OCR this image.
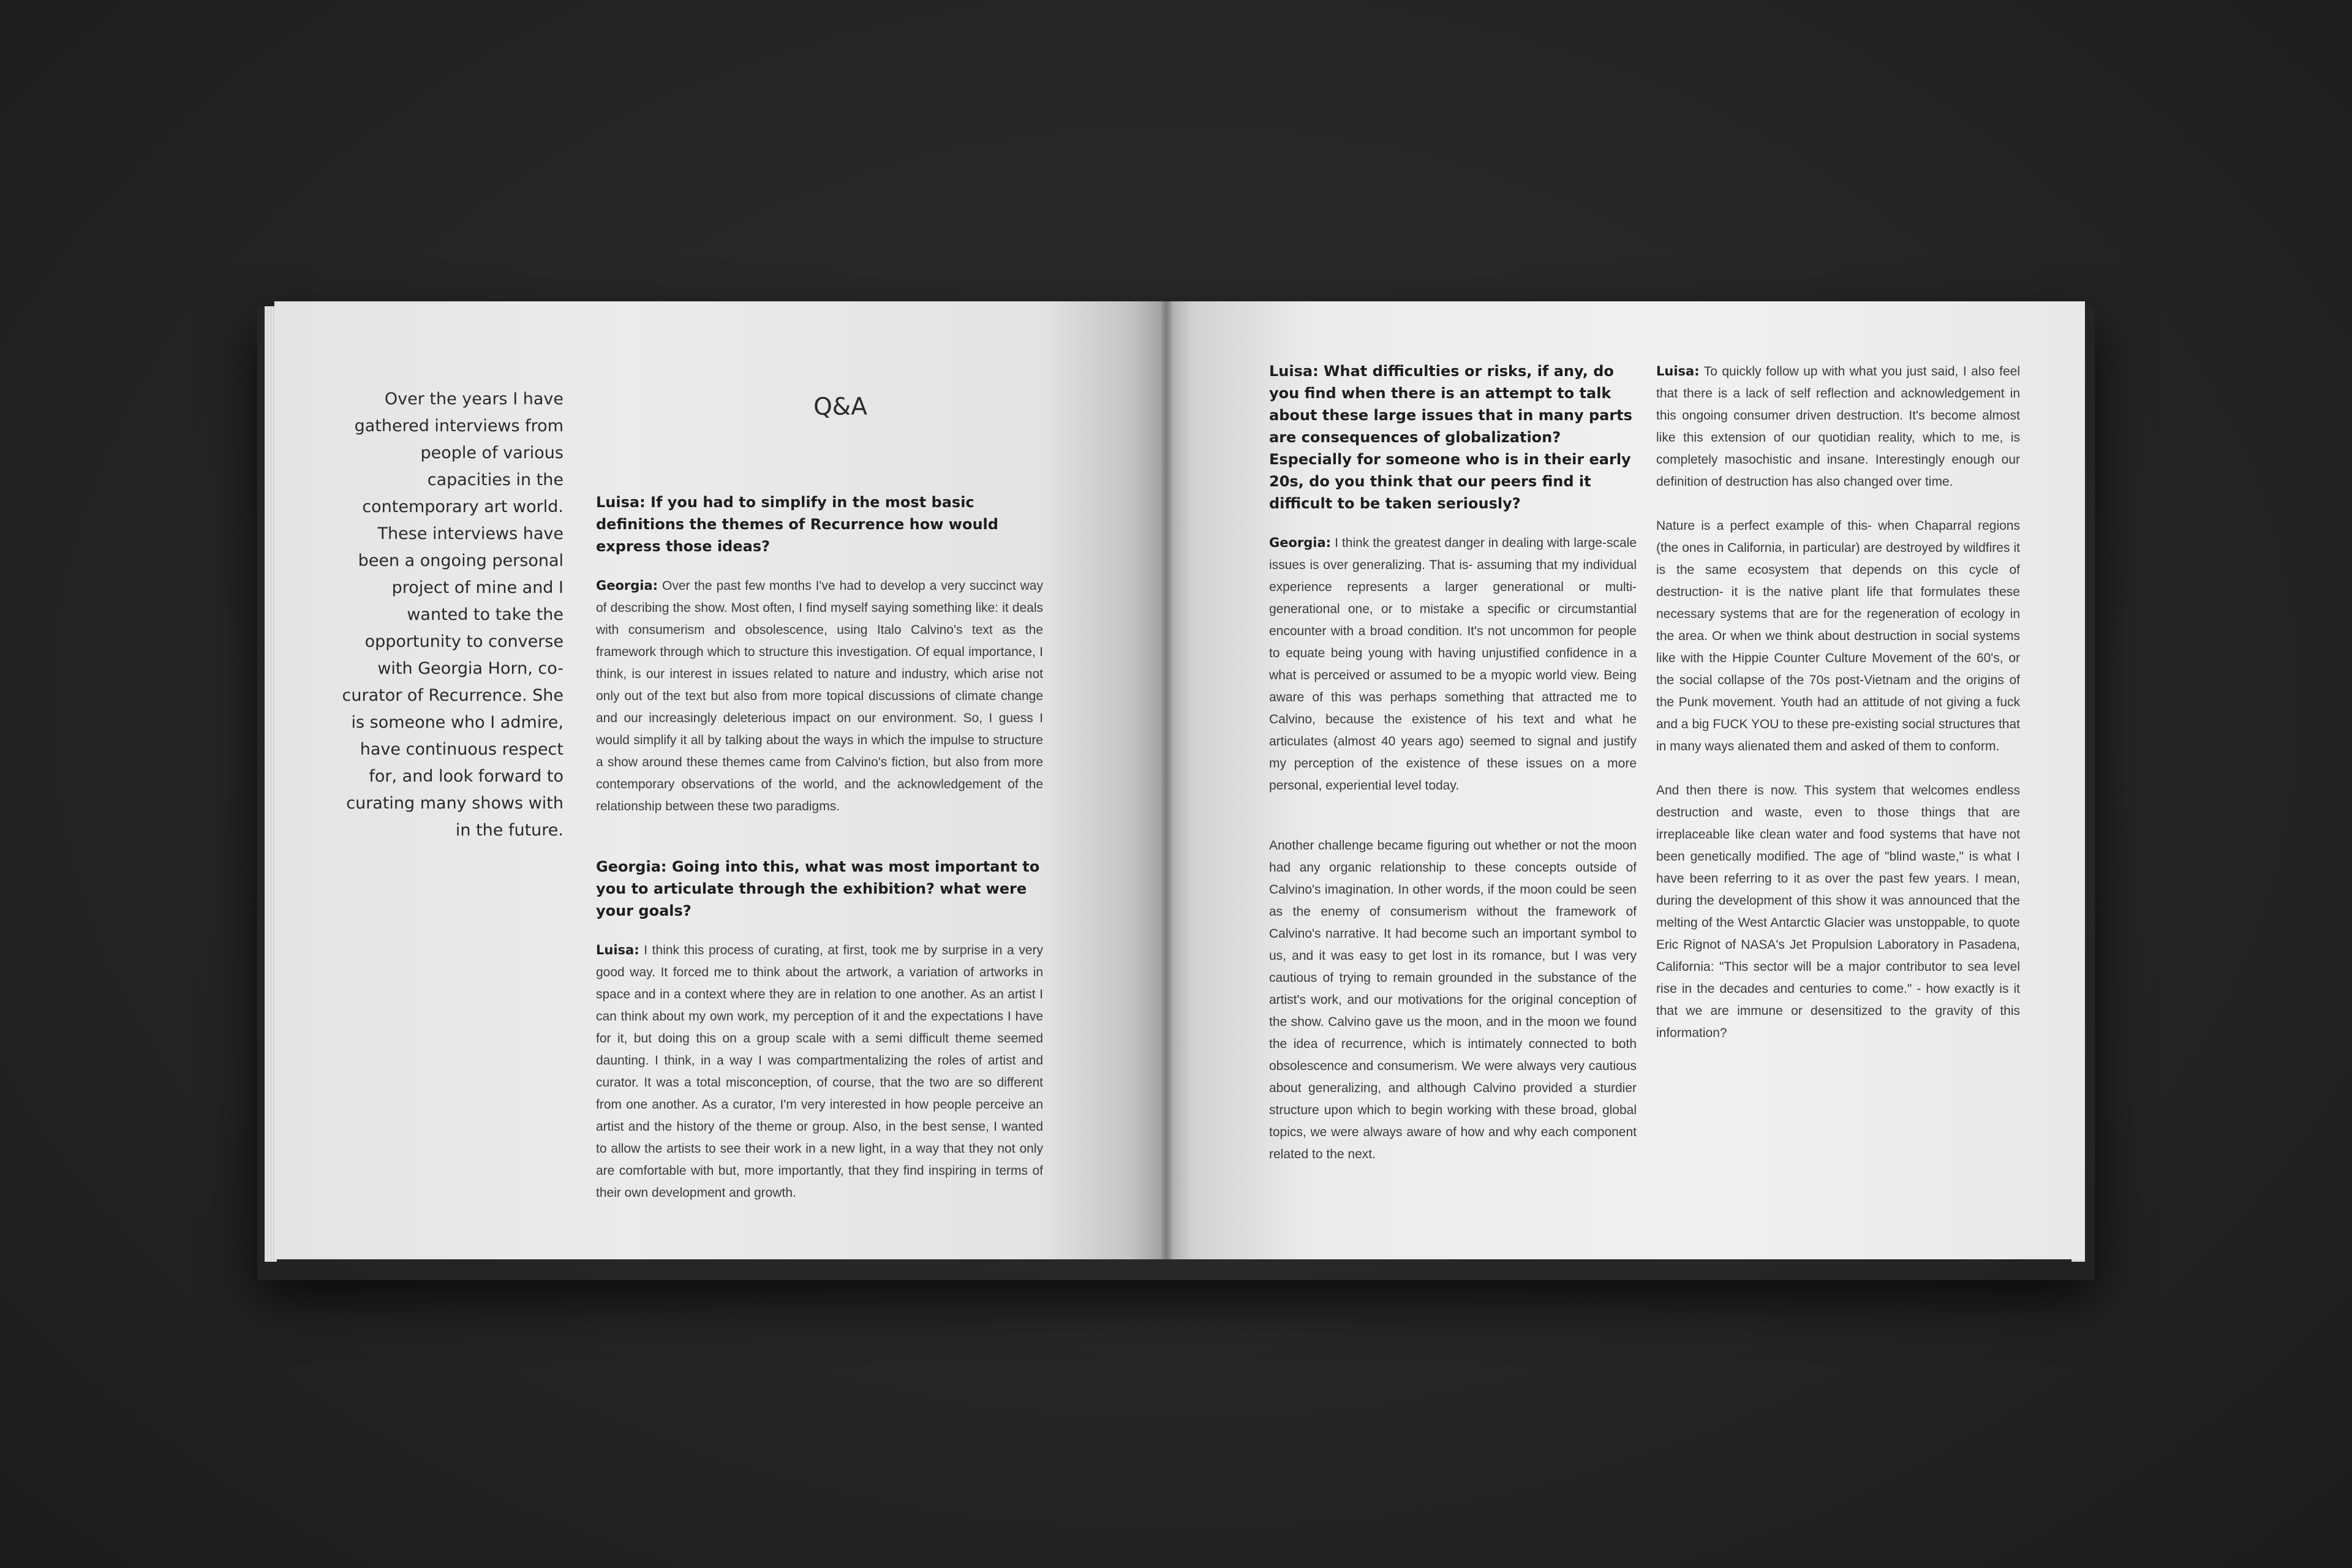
Over the years I have gathered interviews from people of various capacities in the contemporary art world. These interviews have been a ongoing personal project of mine and I wanted to take the opportunity to converse with Georgia Horn, co-curator of Recurrence. She is someone who I admire, have continuous respect for, and look forward to curating many shows with in the future.

Q&A

Luisa: If you had to simplify in the most basic definitions the themes of Recurrence how would express those ideas?

Georgia: Over the past few months I've had to develop a very succinct way of describing the show. Most often, I find myself saying something like: it deals with consumerism and obsolescence, using Italo Calvino's text as the framework through which to structure this investigation. Of equal importance, I think, is our interest in issues related to nature and industry, which arise not only out of the text but also from more topical discussions of climate change and our increasingly deleterious impact on our environment. So, I guess I would simplify it all by talking about the ways in which the impulse to structure a show around these themes came from Calvino's fiction, but also from more contemporary observations of the world, and the acknowledgement of the relationship between these two paradigms.

Georgia: Going into this, what was most important to you to articulate through the exhibition? what were your goals?

Luisa: I think this process of curating, at first, took me by surprise in a very good way. It forced me to think about the artwork, a variation of artworks in space and in a context where they are in relation to one another. As an artist I can think about my own work, my perception of it and the expectations I have for it, but doing this on a group scale with a semi difficult theme seemed daunting. I think, in a way I was compartmentalizing the roles of artist and curator. It was a total misconception, of course, that the two are so different from one another. As a curator, I'm very interested in how people perceive an artist and the history of the theme or group. Also, in the best sense, I wanted to allow the artists to see their work in a new light, in a way that they not only are comfortable with but, more importantly, that they find inspiring in terms of their own development and growth.

Luisa: What difficulties or risks, if any, do you find when there is an attempt to talk about these large issues that in many parts are consequences of globalization? Especially for someone who is in their early 20s, do you think that our peers find it difficult to be taken seriously?

Georgia: I think the greatest danger in dealing with large-scale issues is over generalizing. That is- assuming that my individual experience represents a larger generational or multi-generational one, or to mistake a specific or circumstantial encounter with a broad condition. It's not uncommon for people to equate being young with having unjustified confidence in a what is perceived or assumed to be a myopic world view. Being aware of this was perhaps something that attracted me to Calvino, because the existence of his text and what he articulates (almost 40 years ago) seemed to signal and justify my perception of the existence of these issues on a more personal, experiential level today.

Another challenge became figuring out whether or not the moon had any organic relationship to these concepts outside of Calvino's imagination. In other words, if the moon could be seen as the enemy of consumerism without the framework of Calvino's narrative. It had become such an important symbol to us, and it was easy to get lost in its romance, but I was very cautious of trying to remain grounded in the substance of the artist's work, and our motivations for the original conception of the show. Calvino gave us the moon, and in the moon we found the idea of recurrence, which is intimately connected to both obsolescence and consumerism. We were always very cautious about generalizing, and although Calvino provided a sturdier structure upon which to begin working with these broad, global topics, we were always aware of how and why each component related to the next.

Luisa: To quickly follow up with what you just said, I also feel that there is a lack of self reflection and acknowledgement in this ongoing consumer driven destruction. It's become almost like this extension of our quotidian reality, which to me, is completely masochistic and insane. Interestingly enough our definition of destruction has also changed over time.

Nature is a perfect example of this- when Chaparral regions (the ones in California, in particular) are destroyed by wildfires it is the same ecosystem that depends on this cycle of destruction- it is the native plant life that formulates these necessary systems that are for the regeneration of ecology in the area. Or when we think about destruction in social systems like with the Hippie Counter Culture Movement of the 60's, or the social collapse of the 70s post-Vietnam and the origins of the Punk movement. Youth had an attitude of not giving a fuck and a big FUCK YOU to these pre-existing social structures that in many ways alienated them and asked of them to conform.

And then there is now. This system that welcomes endless destruction and waste, even to those things that are irreplaceable like clean water and food systems that have not been genetically modified. The age of "blind waste," is what I have been referring to it as over the past few years. I mean, during the development of this show it was announced that the melting of the West Antarctic Glacier was unstoppable, to quote Eric Rignot of NASA's Jet Propulsion Laboratory in Pasadena, California: "This sector will be a major contributor to sea level rise in the decades and centuries to come." - how exactly is it that we are immune or desensitized to the gravity of this information?
